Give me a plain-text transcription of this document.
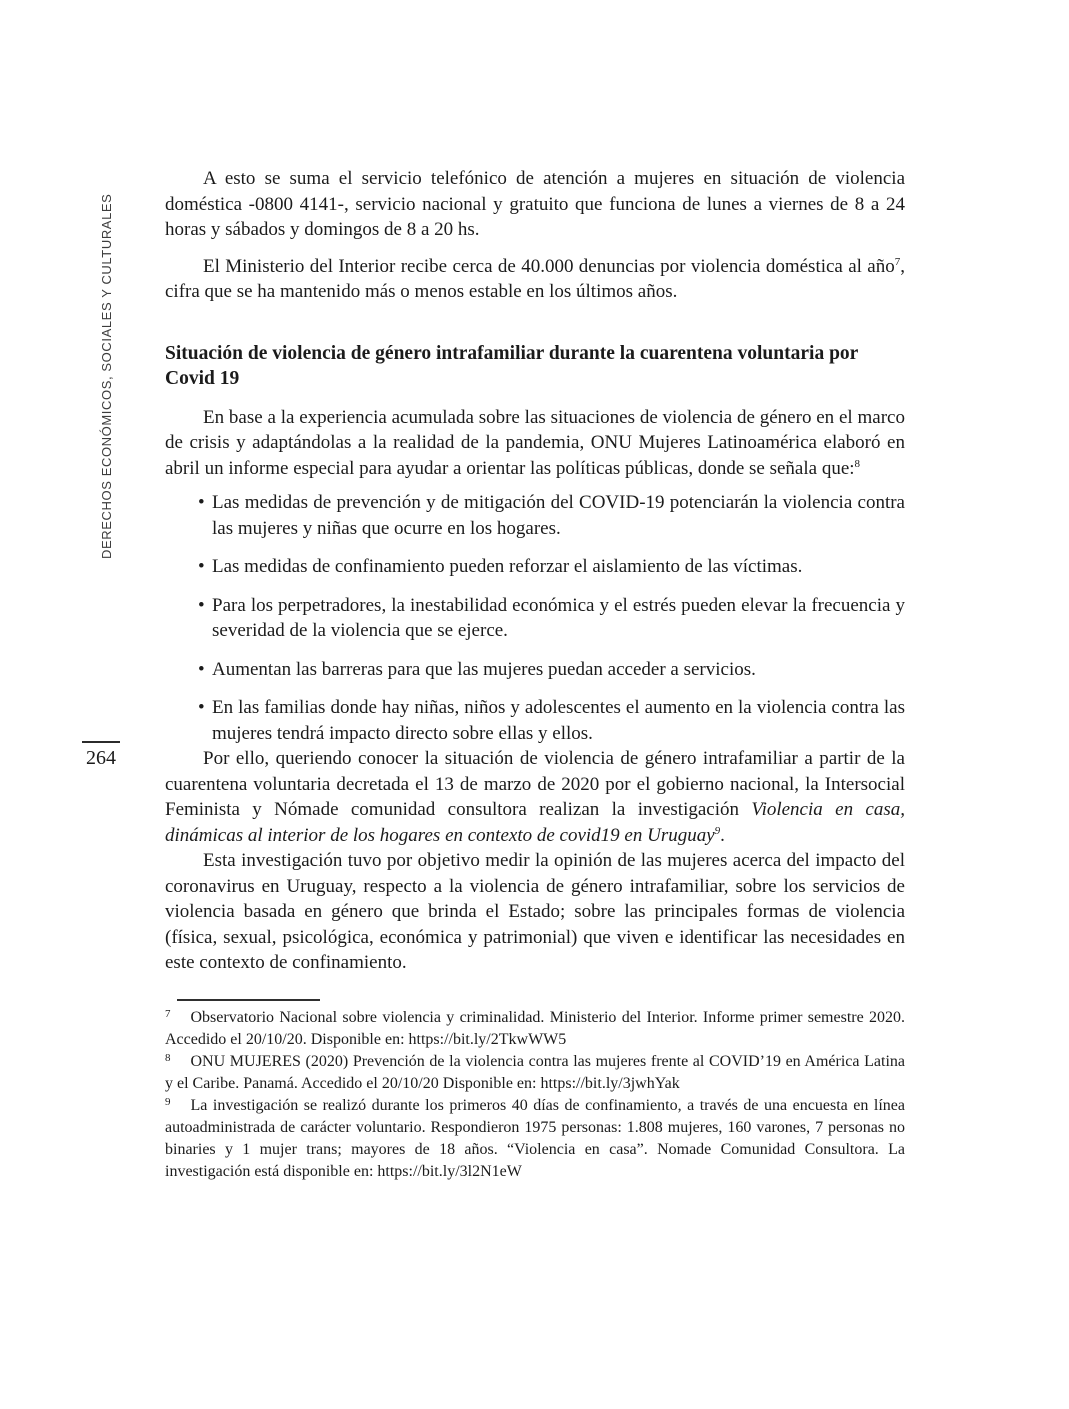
DERECHOS ECONÓMICOS, SOCIALES Y CULTURALES
264

A esto se suma el servicio telefónico de atención a mujeres en situación de violencia doméstica -0800 4141-, servicio nacional y gratuito que funciona de lunes a viernes de 8 a 24 horas y sábados y domingos de 8 a 20 hs.

El Ministerio del Interior recibe cerca de 40.000 denuncias por violencia doméstica al año$^7$, cifra que se ha mantenido más o menos estable en los últimos años.

Situación de violencia de género intrafamiliar durante la cuarentena voluntaria por Covid 19

En base a la experiencia acumulada sobre las situaciones de violencia de género en el marco de crisis y adaptándolas a la realidad de la pandemia, ONU Mujeres Latinoamérica elaboró en abril un informe especial para ayudar a orientar las políticas públicas, donde se señala que:$^8$

• Las medidas de prevención y de mitigación del COVID-19 potenciarán la violencia contra las mujeres y niñas que ocurre en los hogares.
• Las medidas de confinamiento pueden reforzar el aislamiento de las víctimas.
• Para los perpetradores, la inestabilidad económica y el estrés pueden elevar la frecuencia y severidad de la violencia que se ejerce.
• Aumentan las barreras para que las mujeres puedan acceder a servicios.
• En las familias donde hay niñas, niños y adolescentes el aumento en la violencia contra las mujeres tendrá impacto directo sobre ellas y ellos.

Por ello, queriendo conocer la situación de violencia de género intrafamiliar a partir de la cuarentena voluntaria decretada el 13 de marzo de 2020 por el gobierno nacional, la Intersocial Feminista y Nómade comunidad consultora realizan la investigación Violencia en casa, dinámicas al interior de los hogares en contexto de covid19 en Uruguay$^9$.

Esta investigación tuvo por objetivo medir la opinión de las mujeres acerca del impacto del coronavirus en Uruguay, respecto a la violencia de género intrafamiliar, sobre los servicios de violencia basada en género que brinda el Estado; sobre las principales formas de violencia (física, sexual, psicológica, económica y patrimonial) que viven e identificar las necesidades en este contexto de confinamiento.

$^7$ Observatorio Nacional sobre violencia y criminalidad. Ministerio del Interior. Informe primer semestre 2020. Accedido el 20/10/20. Disponible en: https://bit.ly/2TkwWW5

$^8$ ONU MUJERES (2020) Prevención de la violencia contra las mujeres frente al COVID’19 en América Latina y el Caribe. Panamá. Accedido el 20/10/20 Disponible en: https://bit.ly/3jwhYak

$^9$ La investigación se realizó durante los primeros 40 días de confinamiento, a través de una encuesta en línea autoadministrada de carácter voluntario. Respondieron 1975 personas: 1.808 mujeres, 160 varones, 7 personas no binaries y 1 mujer trans; mayores de 18 años. “Violencia en casa”. Nomade Comunidad Consultora. La investigación está disponible en: https://bit.ly/3l2N1eW
